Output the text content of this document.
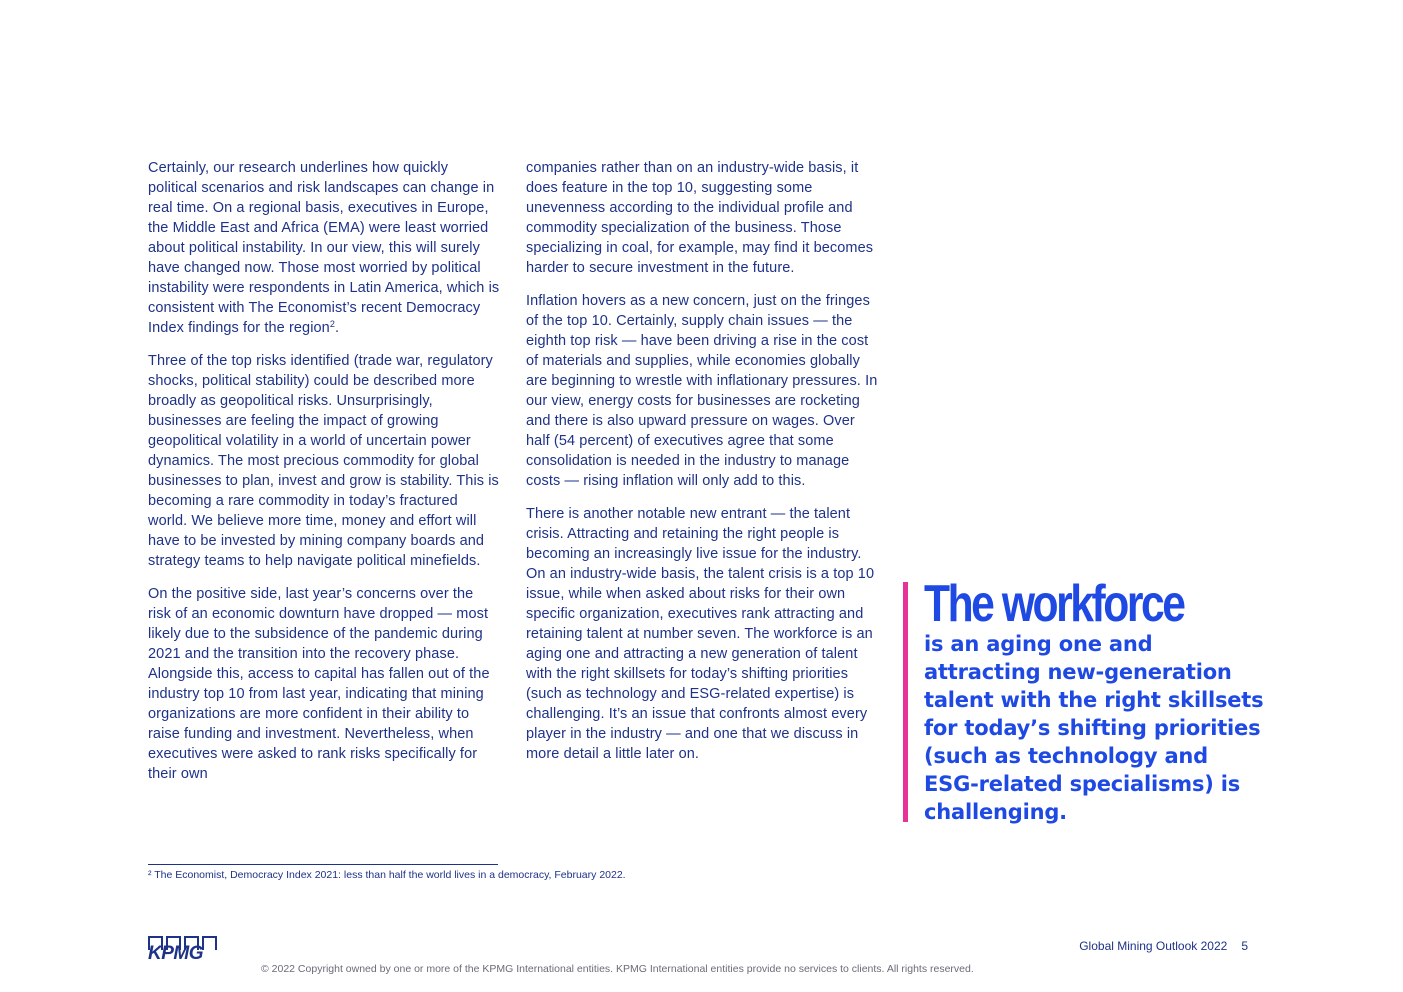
Certainly, our research underlines how quickly political scenarios and risk landscapes can change in real time. On a regional basis, executives in Europe, the Middle East and Africa (EMA) were least worried about political instability. In our view, this will surely have changed now. Those most worried by political instability were respondents in Latin America, which is consistent with The Economist’s recent Democracy Index findings for the region$^2$.

Three of the top risks identified (trade war, regulatory shocks, political stability) could be described more broadly as geopolitical risks. Unsurprisingly, businesses are feeling the impact of growing geopolitical volatility in a world of uncertain power dynamics. The most precious commodity for global businesses to plan, invest and grow is stability. This is becoming a rare commodity in today’s fractured world. We believe more time, money and effort will have to be invested by mining company boards and strategy teams to help navigate political minefields.

On the positive side, last year’s concerns over the risk of an economic downturn have dropped — most likely due to the subsidence of the pandemic during 2021 and the transition into the recovery phase. Alongside this, access to capital has fallen out of the industry top 10 from last year, indicating that mining organizations are more confident in their ability to raise funding and investment. Nevertheless, when executives were asked to rank risks specifically for their own

companies rather than on an industry-wide basis, it does feature in the top 10, suggesting some unevenness according to the individual profile and commodity specialization of the business. Those specializing in coal, for example, may find it becomes harder to secure investment in the future.

Inflation hovers as a new concern, just on the fringes of the top 10. Certainly, supply chain issues — the eighth top risk — have been driving a rise in the cost of materials and supplies, while economies globally are beginning to wrestle with inflationary pressures. In our view, energy costs for businesses are rocketing and there is also upward pressure on wages. Over half (54 percent) of executives agree that some consolidation is needed in the industry to manage costs — rising inflation will only add to this.

There is another notable new entrant — the talent crisis. Attracting and retaining the right people is becoming an increasingly live issue for the industry. On an industry-wide basis, the talent crisis is a top 10 issue, while when asked about risks for their own specific organization, executives rank attracting and retaining talent at number seven. The workforce is an aging one and attracting a new generation of talent with the right skillsets for today’s shifting priorities (such as technology and ESG-related expertise) is challenging. It’s an issue that confronts almost every player in the industry — and one that we discuss in more detail a little later on.

The workforce
is an aging one and attracting new-generation talent with the right skillsets for today’s shifting priorities (such as technology and ESG-related specialisms) is challenging.
² The Economist, Democracy Index 2021: less than half the world lives in a democracy, February 2022.
KPMG
© 2022 Copyright owned by one or more of the KPMG International entities. KPMG International entities provide no services to clients. All rights reserved.
Global Mining Outlook 2022 5
